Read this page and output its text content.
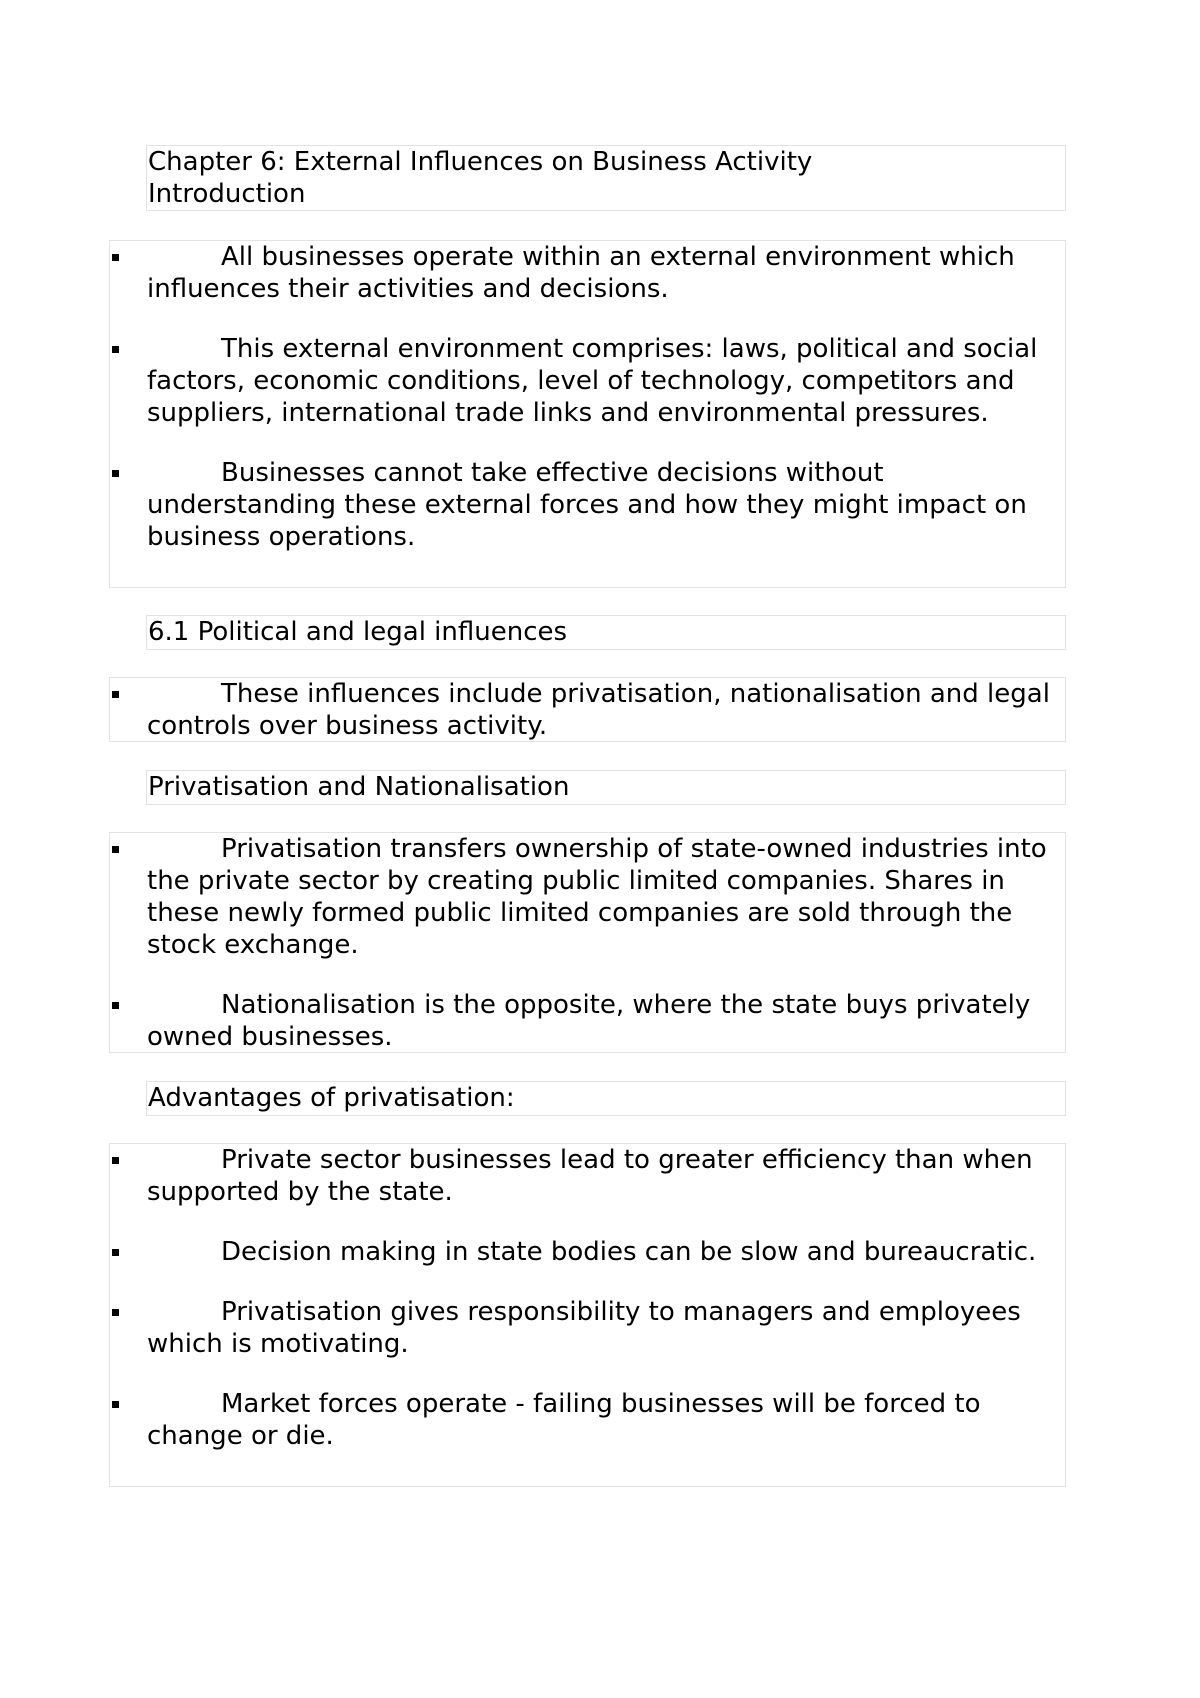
Chapter 6: External Influences on Business Activity
Introduction
All businesses operate within an external environment which influences their activities and decisions.
This external environment comprises: laws, political and social factors, economic conditions, level of technology, competitors and suppliers, international trade links and environmental pressures.
Businesses cannot take effective decisions without understanding these external forces and how they might impact on business operations.
6.1 Political and legal influences
These influences include privatisation, nationalisation and legal controls over business activity.
Privatisation and Nationalisation
Privatisation transfers ownership of state-owned industries into the private sector by creating public limited companies. Shares in these newly formed public limited companies are sold through the stock exchange.
Nationalisation is the opposite, where the state buys privately owned businesses.
Advantages of privatisation:
Private sector businesses lead to greater efficiency than when supported by the state.
Decision making in state bodies can be slow and bureaucratic.
Privatisation gives responsibility to managers and employees which is motivating.
Market forces operate - failing businesses will be forced to change or die.
